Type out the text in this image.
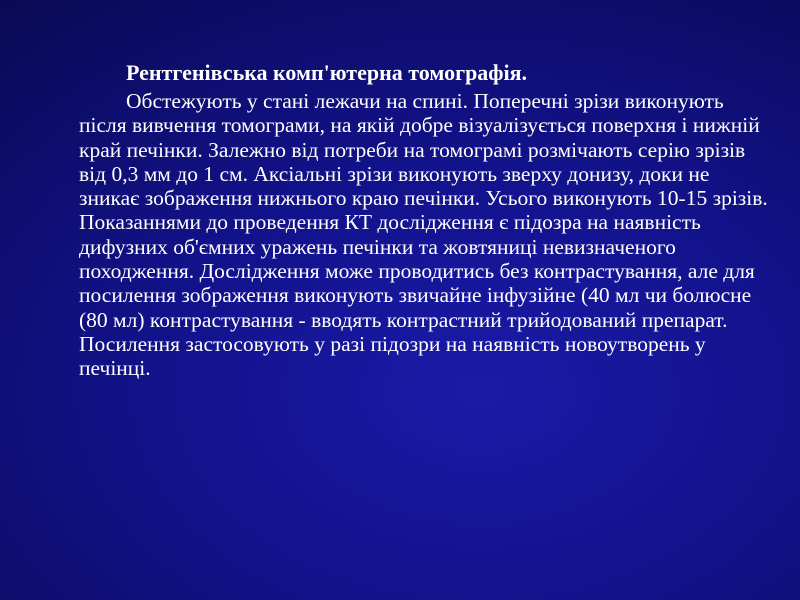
Рентгенівська комп'ютерна томографія.

Обстежують у стані лежачи на спині. Поперечні зрізи виконують після вивчення томограми, на якій добре візуалізується поверхня і нижній край печінки. Залежно від потреби на томограмі розмічають серію зрізів від 0,3 мм до 1 см. Аксіальні зрізи виконують зверху донизу, доки не зникає зображення нижнього краю печінки. Усього виконують 10-15 зрізів. Показаннями до проведення КТ дослідження є підозра на наявність дифузних об'ємних уражень печінки та жовтяниці невизначеного походження. Дослідження може проводитись без контрастування, але для посилення зображення виконують звичайне інфузійне (40 мл чи болюсне (80 мл) контрастування - вводять контрастний трийодований препарат. Посилення застосовують у разі підозри на наявність новоутворень у печінці.
